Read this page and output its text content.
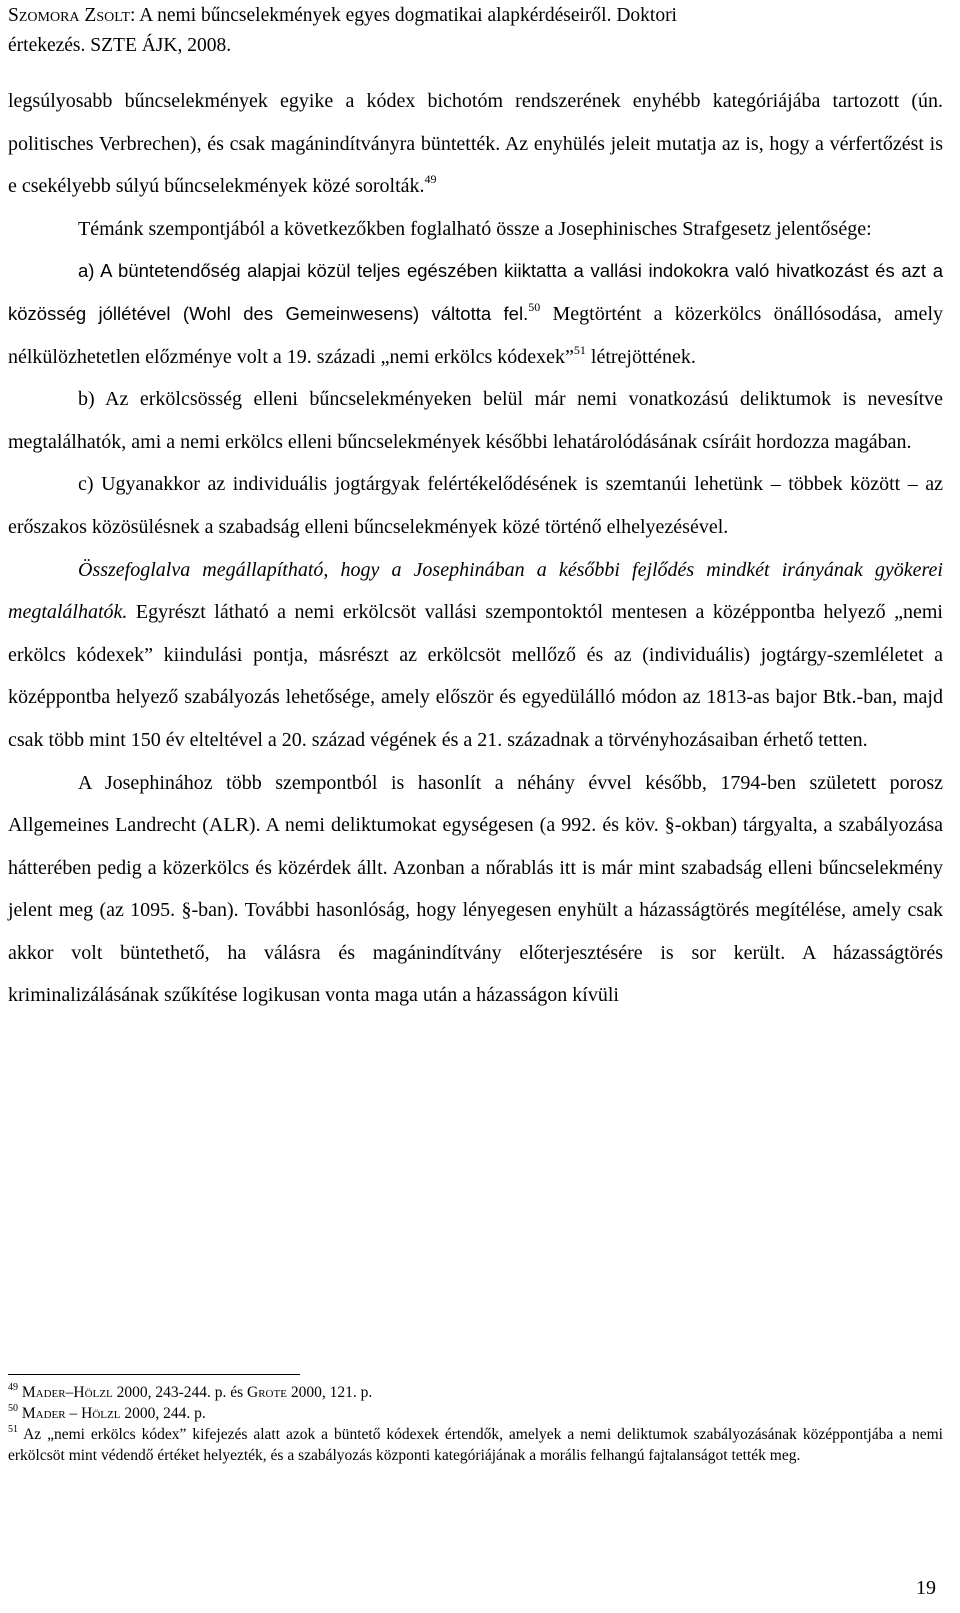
Szomora Zsolt: A nemi bűncselekmények egyes dogmatikai alapkérdéseiről. Doktori
értekezés. SZTE ÁJK, 2008.

legsúlyosabb bűncselekmények egyike a kódex bichotóm rendszerének enyhébb kategóriájába tartozott (ún. politisches Verbrechen), és csak magánindítványra büntették. Az enyhülés jeleit mutatja az is, hogy a vérfertőzést is e csekélyebb súlyú bűncselekmények közé sorolták.$^{49}$

Témánk szempontjából a következőkben foglalható össze a Josephinisches Strafgesetz jelentősége:

a) A büntetendőség alapjai közül teljes egészében kiiktatta a vallási indokokra való hivatkozást és azt a közösség jóllétével (Wohl des Gemeinwesens) váltotta fel.$^{50}$ Megtörtént a közerkölcs önállósodása, amely nélkülözhetetlen előzménye volt a 19. századi „nemi erkölcs kódexek”$^{51}$ létrejöttének.

b) Az erkölcsösség elleni bűncselekményeken belül már nemi vonatkozású deliktumok is nevesítve megtalálhatók, ami a nemi erkölcs elleni bűncselekmények későbbi lehatárolódásának csíráit hordozza magában.

c) Ugyanakkor az individuális jogtárgyak felértékelődésének is szemtanúi lehetünk – többek között – az erőszakos közösülésnek a szabadság elleni bűncselekmények közé történő elhelyezésével.

Összefoglalva megállapítható, hogy a Josephinában a későbbi fejlődés mindkét irányának gyökerei megtalálhatók. Egyrészt látható a nemi erkölcsöt vallási szempontoktól mentesen a középpontba helyező „nemi erkölcs kódexek” kiindulási pontja, másrészt az erkölcsöt mellőző és az (individuális) jogtárgy-szemléletet a középpontba helyező szabályozás lehetősége, amely először és egyedülálló módon az 1813-as bajor Btk.-ban, majd csak több mint 150 év elteltével a 20. század végének és a 21. századnak a törvényhozásaiban érhető tetten.

A Josephinához több szempontból is hasonlít a néhány évvel később, 1794-ben született porosz Allgemeines Landrecht (ALR). A nemi deliktumokat egységesen (a 992. és köv. §-okban) tárgyalta, a szabályozása hátterében pedig a közerkölcs és közérdek állt. Azonban a nőrablás itt is már mint szabadság elleni bűncselekmény jelent meg (az 1095. §-ban). További hasonlóság, hogy lényegesen enyhült a házasságtörés megítélése, amely csak akkor volt büntethető, ha válásra és magánindítvány előterjesztésére is sor került. A házasságtörés kriminalizálásának szűkítése logikusan vonta maga után a házasságon kívüli

$^{49}$ Mader–Hölzl 2000, 243-244. p. és Grote 2000, 121. p.

$^{50}$ Mader – Hölzl 2000, 244. p.

$^{51}$ Az „nemi erkölcs kódex” kifejezés alatt azok a büntető kódexek értendők, amelyek a nemi deliktumok szabályozásának középpontjába a nemi erkölcsöt mint védendő értéket helyezték, és a szabályozás központi kategóriájának a morális felhangú fajtalanságot tették meg.

19
